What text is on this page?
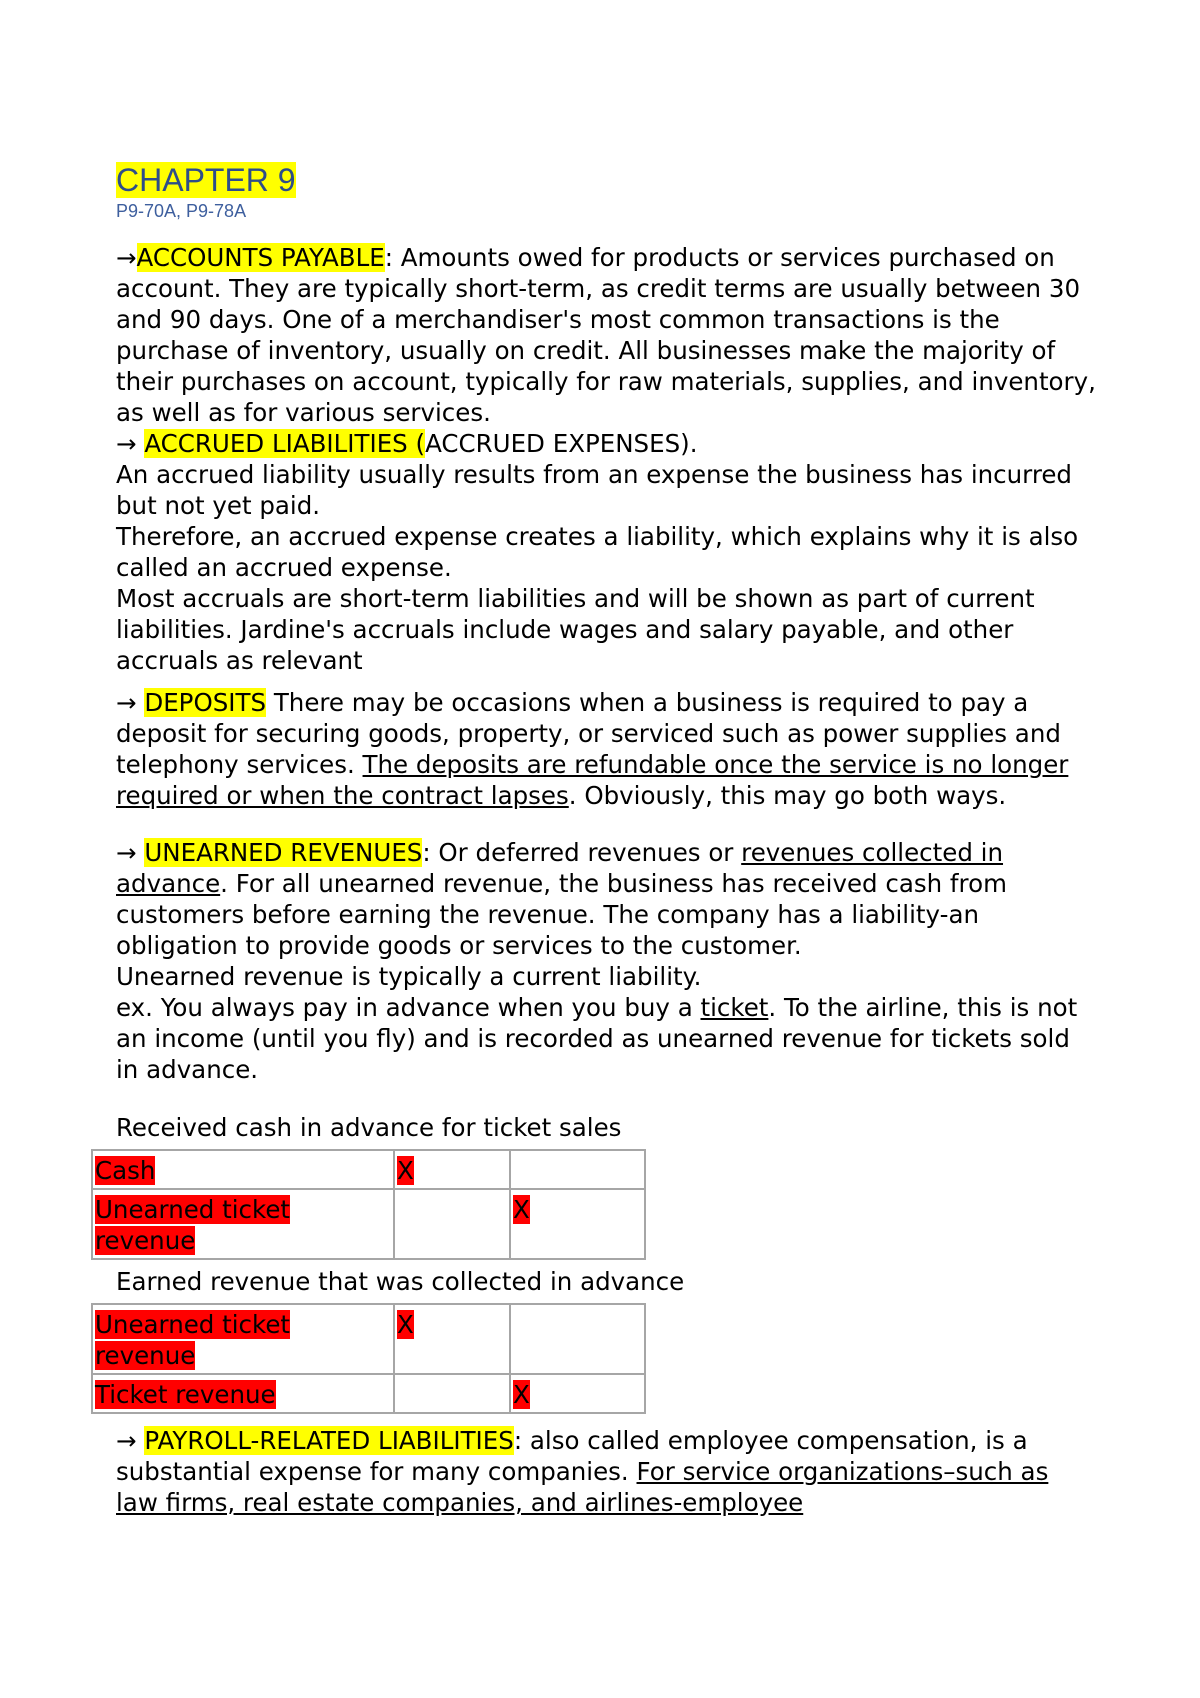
CHAPTER 9
P9-70A, P9-78A

→ACCOUNTS PAYABLE: Amounts owed for products or services purchased on account. They are typically short-term, as credit terms are usually between 30 and 90 days. One of a merchandiser's most common transactions is the purchase of inventory, usually on credit. All businesses make the majority of their purchases on account, typically for raw materials, supplies, and inventory, as well as for various services.

→ ACCRUED LIABILITIES (ACCRUED EXPENSES).

An accrued liability usually results from an expense the business has incurred but not yet paid.

Therefore, an accrued expense creates a liability, which explains why it is also called an accrued expense.

Most accruals are short-term liabilities and will be shown as part of current liabilities. Jardine's accruals include wages and salary payable, and other accruals as relevant

→ DEPOSITS There may be occasions when a business is required to pay a deposit for securing goods, property, or serviced such as power supplies and telephony services. The deposits are refundable once the service is no longer required or when the contract lapses. Obviously, this may go both ways.

→ UNEARNED REVENUES: Or deferred revenues or revenues collected in advance. For all unearned revenue, the business has received cash from customers before earning the revenue. The company has a liability-an obligation to provide goods or services to the customer.

Unearned revenue is typically a current liability.

ex. You always pay in advance when you buy a ticket. To the airline, this is not an income (until you fly) and is recorded as unearned revenue for tickets sold in advance.

Received cash in advance for ticket sales

Cash	X	
Unearned ticket revenue		X

Earned revenue that was collected in advance

Unearned ticket revenue	X	
Ticket revenue		X

→ PAYROLL-RELATED LIABILITIES: also called employee compensation, is a substantial expense for many companies. For service organizations–such as law firms, real estate companies, and airlines-employee
